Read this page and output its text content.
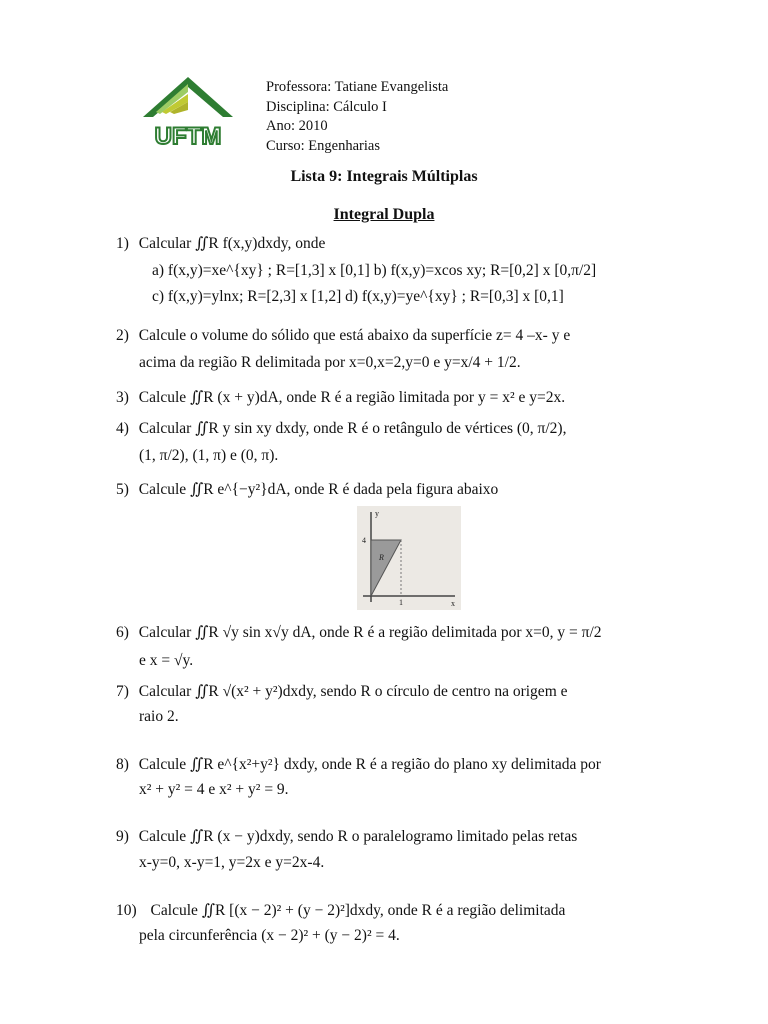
UFTM
Professora: Tatiane Evangelista
Disciplina: Cálculo I
Ano: 2010
Curso: Engenharias
Lista 9: Integrais Múltiplas
Integral Dupla
1) Calcular ∬R f(x,y)dxdy, onde
a) f(x,y)=xe^{xy} ; R=[1,3] x [0,1] b) f(x,y)=xcos xy; R=[0,2] x [0,π/2]
c) f(x,y)=ylnx; R=[2,3] x [1,2] d) f(x,y)=ye^{xy} ; R=[0,3] x [0,1]
2) Calcule o volume do sólido que está abaixo da superfície z= 4 –x- y e
acima da região R delimitada por x=0,x=2,y=0 e y=x/4 + 1/2.
3) Calcule ∬R (x + y)dA, onde R é a região limitada por y = x² e y=2x.
4) Calcular ∬R y sin xy dxdy, onde R é o retângulo de vértices (0, π/2),
(1, π/2), (1, π) e (0, π).
5) Calcule ∬R e^{−y²}dA, onde R é dada pela figura abaixo
R
y
x
4
1
6) Calcular ∬R √y sin x√y dA, onde R é a região delimitada por x=0, y = π/2
e x = √y.
7) Calcular ∬R √(x² + y²)dxdy, sendo R o círculo de centro na origem e
raio 2.
8) Calcule ∬R e^{x²+y²} dxdy, onde R é a região do plano xy delimitada por
x² + y² = 4 e x² + y² = 9.
9) Calcule ∬R (x − y)dxdy, sendo R o paralelogramo limitado pelas retas
x-y=0, x-y=1, y=2x e y=2x-4.
10) Calcule ∬R [(x − 2)² + (y − 2)²]dxdy, onde R é a região delimitada
pela circunferência (x − 2)² + (y − 2)² = 4.
